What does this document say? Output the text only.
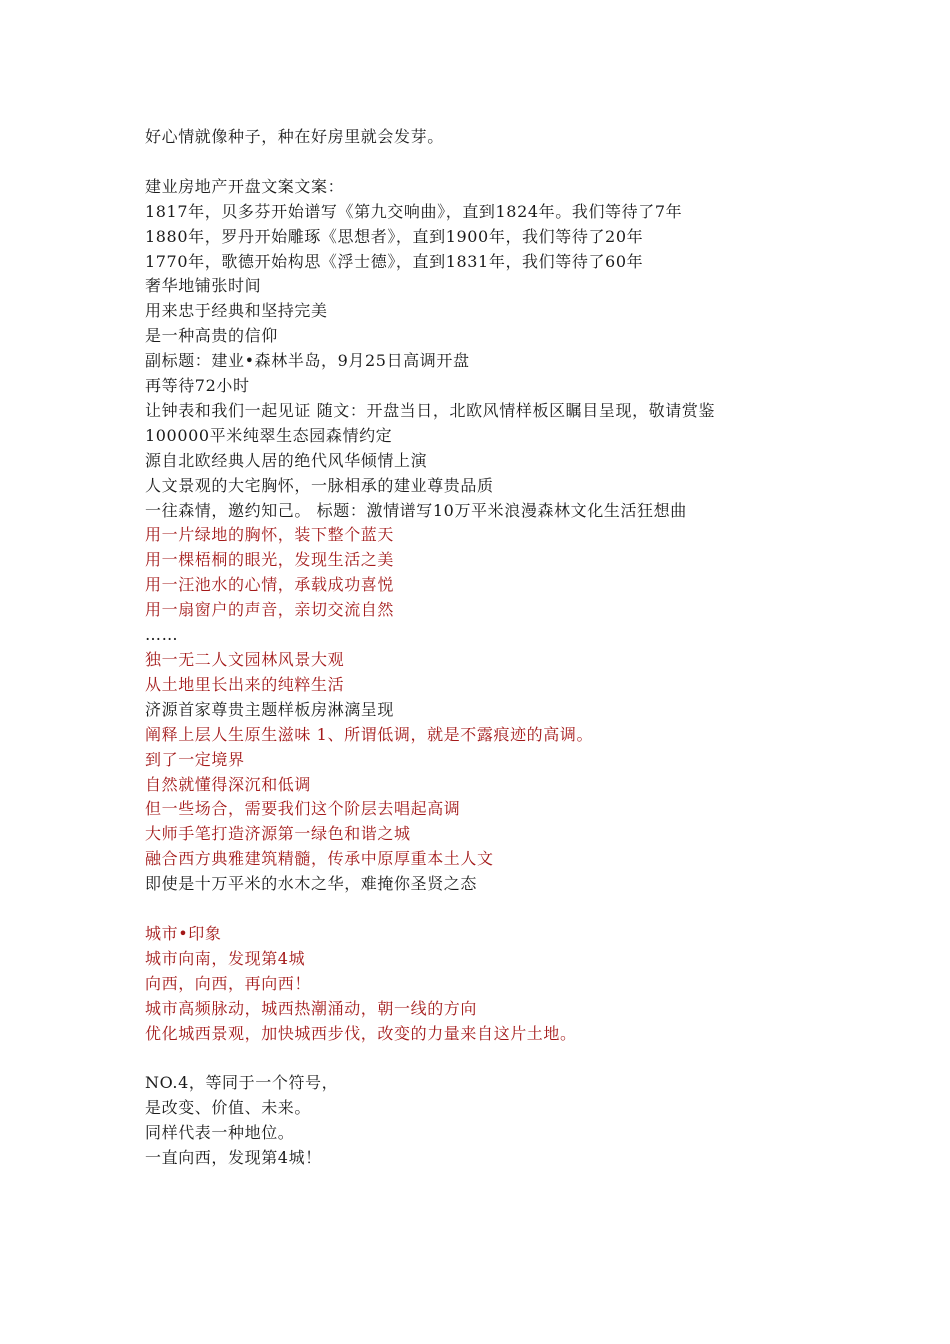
好心情就像种子，种在好房里就会发芽。
建业房地产开盘文案文案：
1817年，贝多芬开始谱写《第九交响曲》，直到1824年。我们等待了7年
1880年，罗丹开始雕琢《思想者》，直到1900年，我们等待了20年
1770年，歌德开始构思《浮士德》，直到1831年，我们等待了60年
奢华地铺张时间
用来忠于经典和坚持完美
是一种高贵的信仰
副标题：建业•森林半岛，9月25日高调开盘
再等待72小时
让钟表和我们一起见证 随文：开盘当日，北欧风情样板区瞩目呈现，敬请赏鉴
100000平米纯翠生态园森情约定
源自北欧经典人居的绝代风华倾情上演
人文景观的大宅胸怀，一脉相承的建业尊贵品质
一往森情，邀约知己。 标题：激情谱写10万平米浪漫森林文化生活狂想曲
用一片绿地的胸怀，装下整个蓝天
用一棵梧桐的眼光，发现生活之美
用一汪池水的心情，承载成功喜悦
用一扇窗户的声音，亲切交流自然
……
独一无二人文园林风景大观
从土地里长出来的纯粹生活
济源首家尊贵主题样板房淋漓呈现
阐释上层人生原生滋味 1、所谓低调，就是不露痕迹的高调。
到了一定境界
自然就懂得深沉和低调
但一些场合，需要我们这个阶层去唱起高调
大师手笔打造济源第一绿色和谐之城
融合西方典雅建筑精髓，传承中原厚重本土人文
即使是十万平米的水木之华，难掩你圣贤之态
城市•印象
城市向南，发现第4城
向西，向西，再向西！
城市高频脉动，城西热潮涌动，朝一线的方向
优化城西景观，加快城西步伐，改变的力量来自这片土地。
NO.4，等同于一个符号，
是改变、价值、未来。
同样代表一种地位。
一直向西，发现第4城！
